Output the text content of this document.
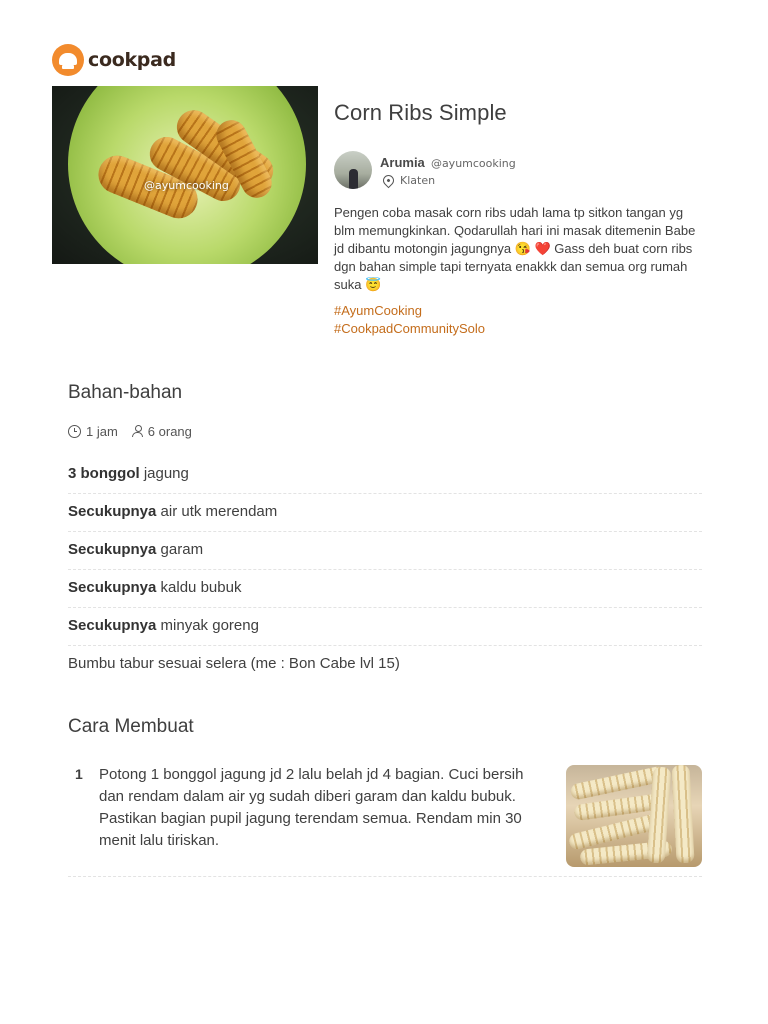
cookpad
@ayumcooking
Corn Ribs Simple
Arumia @ayumcooking
Klaten

Pengen coba masak corn ribs udah lama tp sitkon tangan yg blm memungkinkan. Qodarullah hari ini masak ditemenin Babe jd dibantu motongin jagungnya 😘 ❤️ Gass deh buat corn ribs dgn bahan simple tapi ternyata enakkk dan semua org rumah suka 😇

#AyumCooking
#CookpadCommunitySolo
Bahan-bahan
1 jam 6 orang
3 bonggol jagung
Secukupnya air utk merendam
Secukupnya garam
Secukupnya kaldu bubuk
Secukupnya minyak goreng
Bumbu tabur sesuai selera (me : Bon Cabe lvl 15)
Cara Membuat
1 Potong 1 bonggol jagung jd 2 lalu belah jd 4 bagian. Cuci bersih dan rendam dalam air yg sudah diberi garam dan kaldu bubuk. Pastikan bagian pupil jagung terendam semua. Rendam min 30 menit lalu tiriskan.
